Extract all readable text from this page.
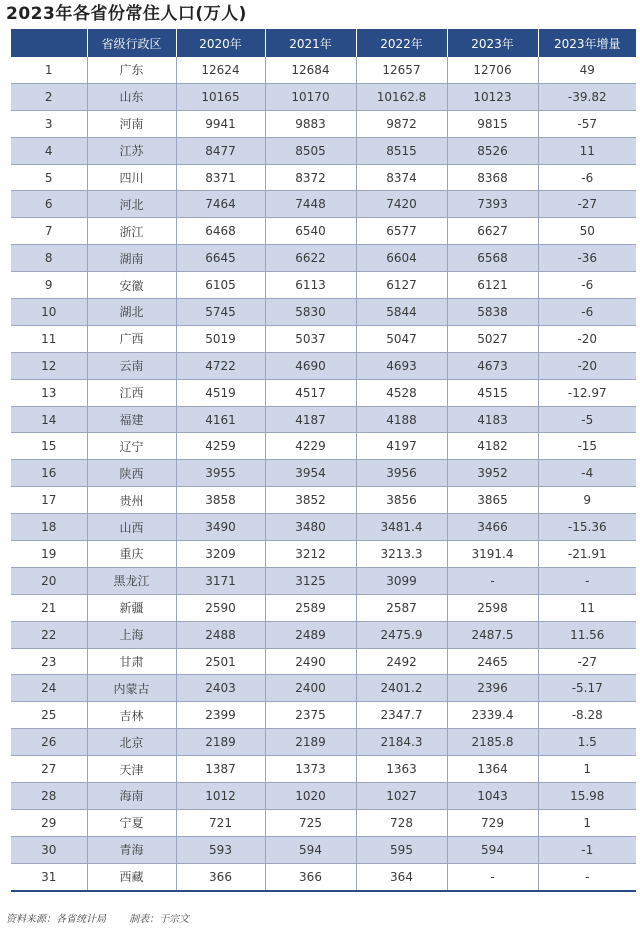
2023年各省份常住人口(万人)
	省级行政区	2020年	2021年	2022年	2023年	2023年增量
1	广东	12624	12684	12657	12706	49
2	山东	10165	10170	10162.8	10123	-39.82
3	河南	9941	9883	9872	9815	-57
4	江苏	8477	8505	8515	8526	11
5	四川	8371	8372	8374	8368	-6
6	河北	7464	7448	7420	7393	-27
7	浙江	6468	6540	6577	6627	50
8	湖南	6645	6622	6604	6568	-36
9	安徽	6105	6113	6127	6121	-6
10	湖北	5745	5830	5844	5838	-6
11	广西	5019	5037	5047	5027	-20
12	云南	4722	4690	4693	4673	-20
13	江西	4519	4517	4528	4515	-12.97
14	福建	4161	4187	4188	4183	-5
15	辽宁	4259	4229	4197	4182	-15
16	陕西	3955	3954	3956	3952	-4
17	贵州	3858	3852	3856	3865	9
18	山西	3490	3480	3481.4	3466	-15.36
19	重庆	3209	3212	3213.3	3191.4	-21.91
20	黑龙江	3171	3125	3099	-	-
21	新疆	2590	2589	2587	2598	11
22	上海	2488	2489	2475.9	2487.5	11.56
23	甘肃	2501	2490	2492	2465	-27
24	内蒙古	2403	2400	2401.2	2396	-5.17
25	吉林	2399	2375	2347.7	2339.4	-8.28
26	北京	2189	2189	2184.3	2185.8	1.5
27	天津	1387	1373	1363	1364	1
28	海南	1012	1020	1027	1043	15.98
29	宁夏	721	725	728	729	1
30	青海	593	594	595	594	-1
31	西藏	366	366	364	-	-
资料来源：各省统计局 制表：于宗文
